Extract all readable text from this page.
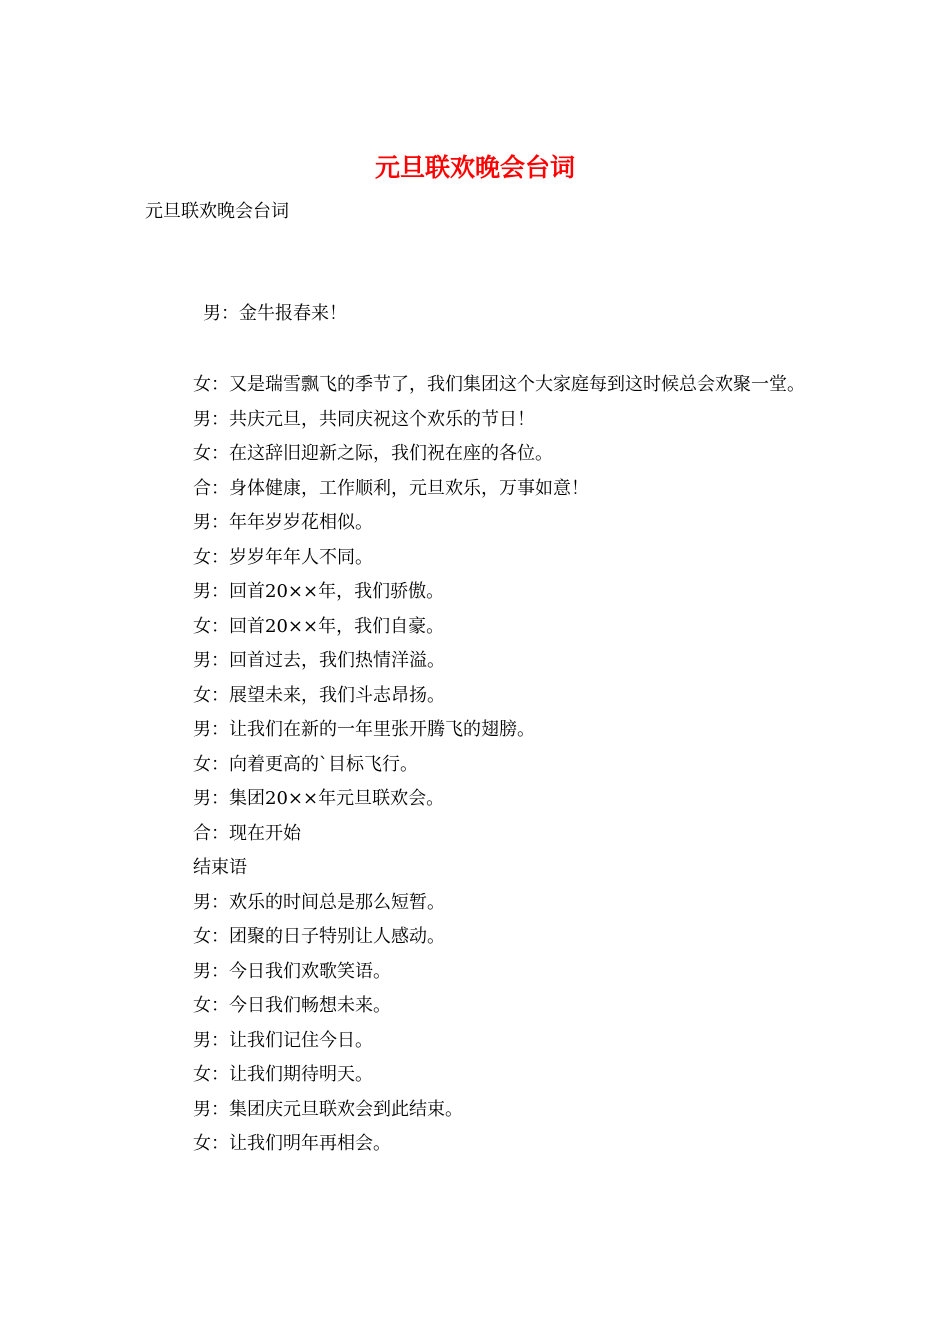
元旦联欢晚会台词
元旦联欢晚会台词
男：金牛报春来！

女：又是瑞雪飘飞的季节了，我们集团这个大家庭每到这时候总会欢聚一堂。

男：共庆元旦，共同庆祝这个欢乐的节日！

女：在这辞旧迎新之际，我们祝在座的各位。

合：身体健康，工作顺利，元旦欢乐，万事如意！

男：年年岁岁花相似。

女：岁岁年年人不同。

男：回首20××年，我们骄傲。

女：回首20××年，我们自豪。

男：回首过去，我们热情洋溢。

女：展望未来，我们斗志昂扬。

男：让我们在新的一年里张开腾飞的翅膀。

女：向着更高的`目标飞行。

男：集团20××年元旦联欢会。

合：现在开始

结束语

男：欢乐的时间总是那么短暂。

女：团聚的日子特别让人感动。

男：今日我们欢歌笑语。

女：今日我们畅想未来。

男：让我们记住今日。

女：让我们期待明天。

男：集团庆元旦联欢会到此结束。

女：让我们明年再相会。
